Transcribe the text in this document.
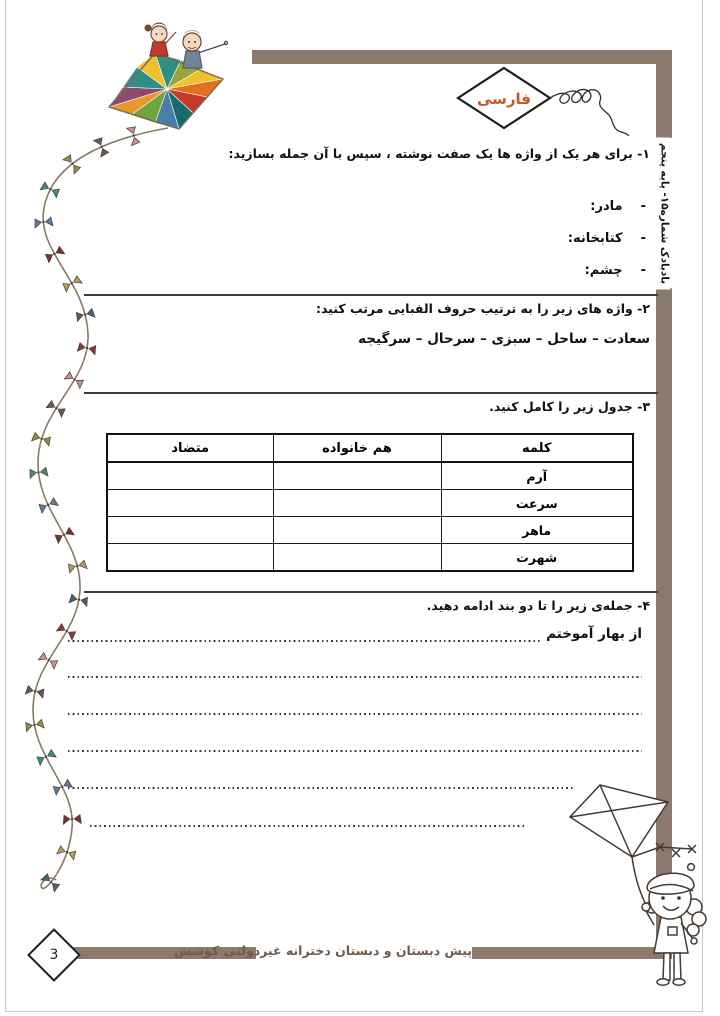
بادبادک شماره۱۵- پایه پنجم
فارسی
۱- برای هر یک از واژه ها یک صفت نوشته ، سپس با آن جمله بسازید:
-
مادر:
-
کتابخانه:
-
چشم:
۲- واژه های زیر را به ترتیب حروف الفبایی مرتب کنید:
سعادت – ساحل – سبزی – سرحال – سرگیجه
۳- جدول زیر را کامل کنید.
کلمه	هم خانواده	متضاد
آرم		
سرعت		
ماهر		
شهرت		
۴- جمله‌ی زیر را تا دو بند ادامه دهید.
از بهار آموختم
پیش دبستان و دبستان دخترانه غیردولتی کوشش
3
